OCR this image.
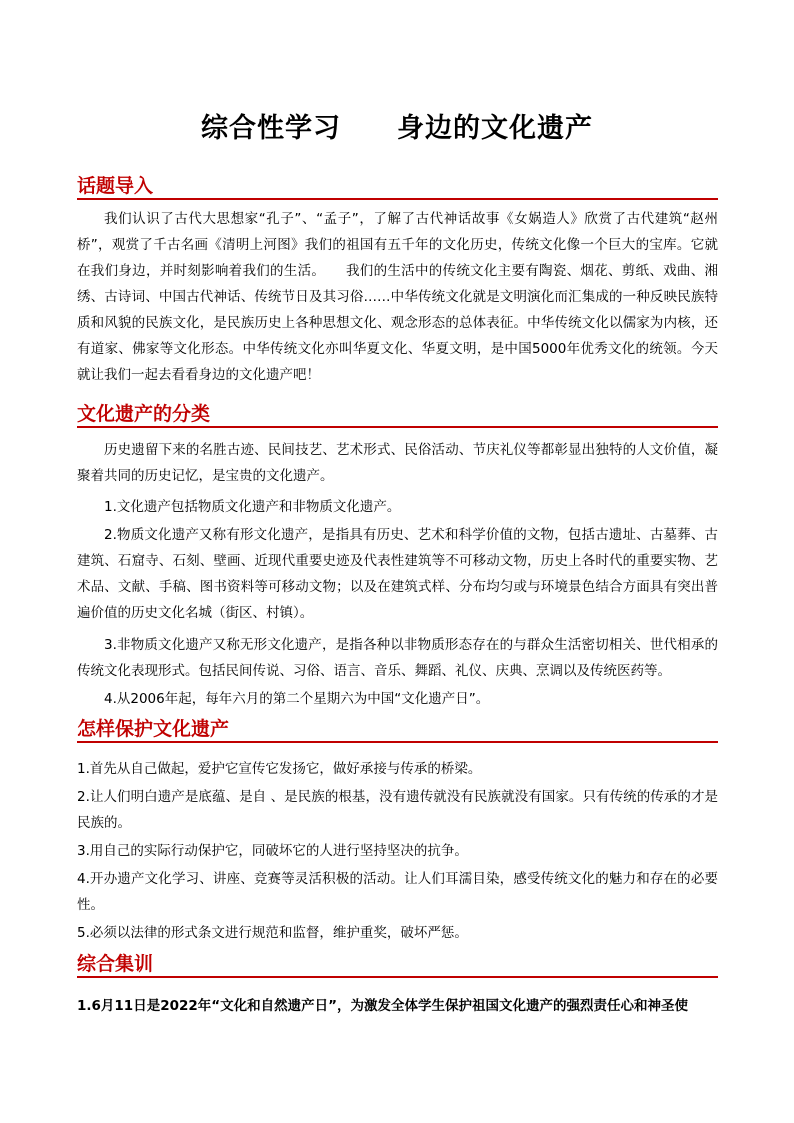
综合性学习　　身边的文化遗产
话题导入
我们认识了古代大思想家“孔子”、“孟子”，了解了古代神话故事《女娲造人》欣赏了古代建筑“赵州桥”，观赏了千古名画《清明上河图》我们的祖国有五千年的文化历史，传统文化像一个巨大的宝库。它就在我们身边，并时刻影响着我们的生活。　　我们的生活中的传统文化主要有陶瓷、烟花、剪纸、戏曲、湘绣、古诗词、中国古代神话、传统节日及其习俗……中华传统文化就是文明演化而汇集成的一种反映民族特质和风貌的民族文化，是民族历史上各种思想文化、观念形态的总体表征。中华传统文化以儒家为内核，还有道家、佛家等文化形态。中华传统文化亦叫华夏文化、华夏文明，是中国5000年优秀文化的统领。今天就让我们一起去看看身边的文化遗产吧！
文化遗产的分类
历史遗留下来的名胜古迹、民间技艺、艺术形式、民俗活动、节庆礼仪等都彰显出独特的人文价值，凝聚着共同的历史记忆，是宝贵的文化遗产。
1.文化遗产包括物质文化遗产和非物质文化遗产。
2.物质文化遗产又称有形文化遗产，是指具有历史、艺术和科学价值的文物，包括古遗址、古墓葬、古建筑、石窟寺、石刻、壁画、近现代重要史迹及代表性建筑等不可移动文物，历史上各时代的重要实物、艺术品、文献、手稿、图书资料等可移动文物；以及在建筑式样、分布均匀或与环境景色结合方面具有突出普遍价值的历史文化名城（街区、村镇）。
3.非物质文化遗产又称无形文化遗产，是指各种以非物质形态存在的与群众生活密切相关、世代相承的传统文化表现形式。包括民间传说、习俗、语言、音乐、舞蹈、礼仪、庆典、烹调以及传统医药等。
4.从2006年起，每年六月的第二个星期六为中国“文化遗产日”。
怎样保护文化遗产
1.首先从自己做起，爱护它宣传它发扬它，做好承接与传承的桥梁。
2.让人们明白遗产是底蕴、是自 、是民族的根基，没有遗传就没有民族就没有国家。只有传统的传承的才是民族的。
3.用自己的实际行动保护它，同破坏它的人进行坚持坚决的抗争。
4.开办遗产文化学习、讲座、竞赛等灵活积极的活动。让人们耳濡目染，感受传统文化的魅力和存在的必要性。
5.必须以法律的形式条文进行规范和监督，维护重奖，破坏严惩。
综合集训
1.6月11日是2022年“文化和自然遗产日”，为激发全体学生保护祖国文化遗产的强烈责任心和神圣使
